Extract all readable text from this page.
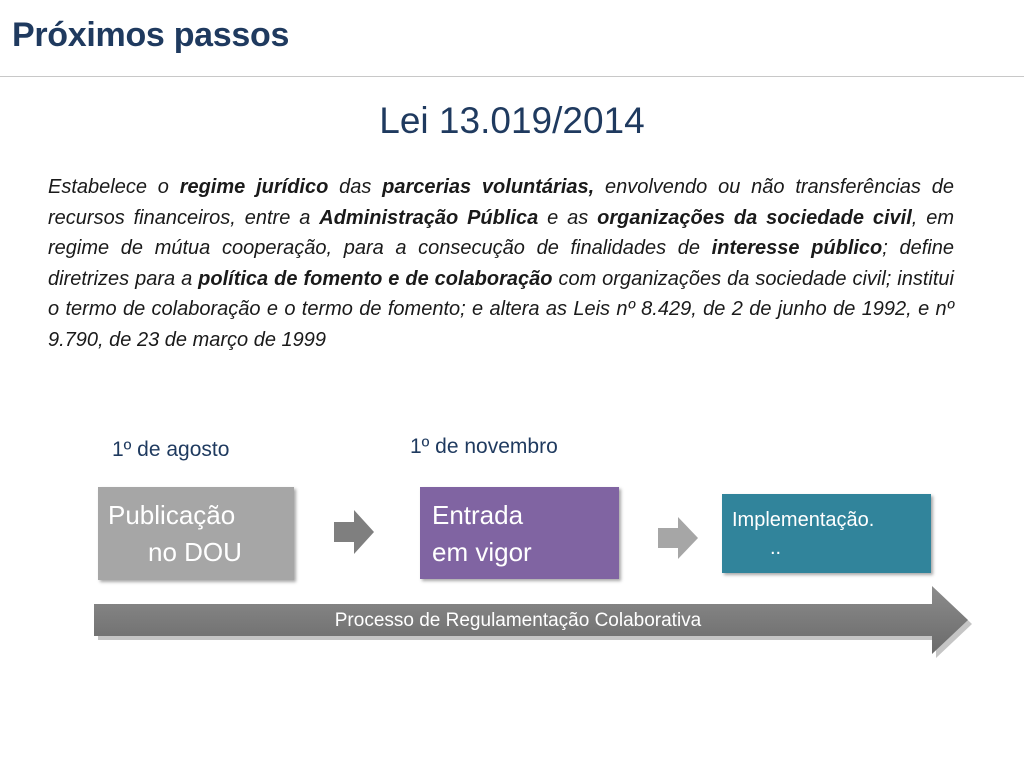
Próximos passos
Lei 13.019/2014

Estabelece o regime jurídico das parcerias voluntárias, envolvendo ou não transferências de recursos financeiros, entre a Administração Pública e as organizações da sociedade civil, em regime de mútua cooperação, para a consecução de finalidades de interesse público; define diretrizes para a política de fomento e de colaboração com organizações da sociedade civil; institui o termo de colaboração e o termo de fomento; e altera as Leis nº 8.429, de 2 de junho de 1992, e nº 9.790, de 23 de março de 1999

1º de agosto	1º de novembro
Publicação
no DOU
Entrada
em vigor
Implementação.
..
Processo de Regulamentação Colaborativa
